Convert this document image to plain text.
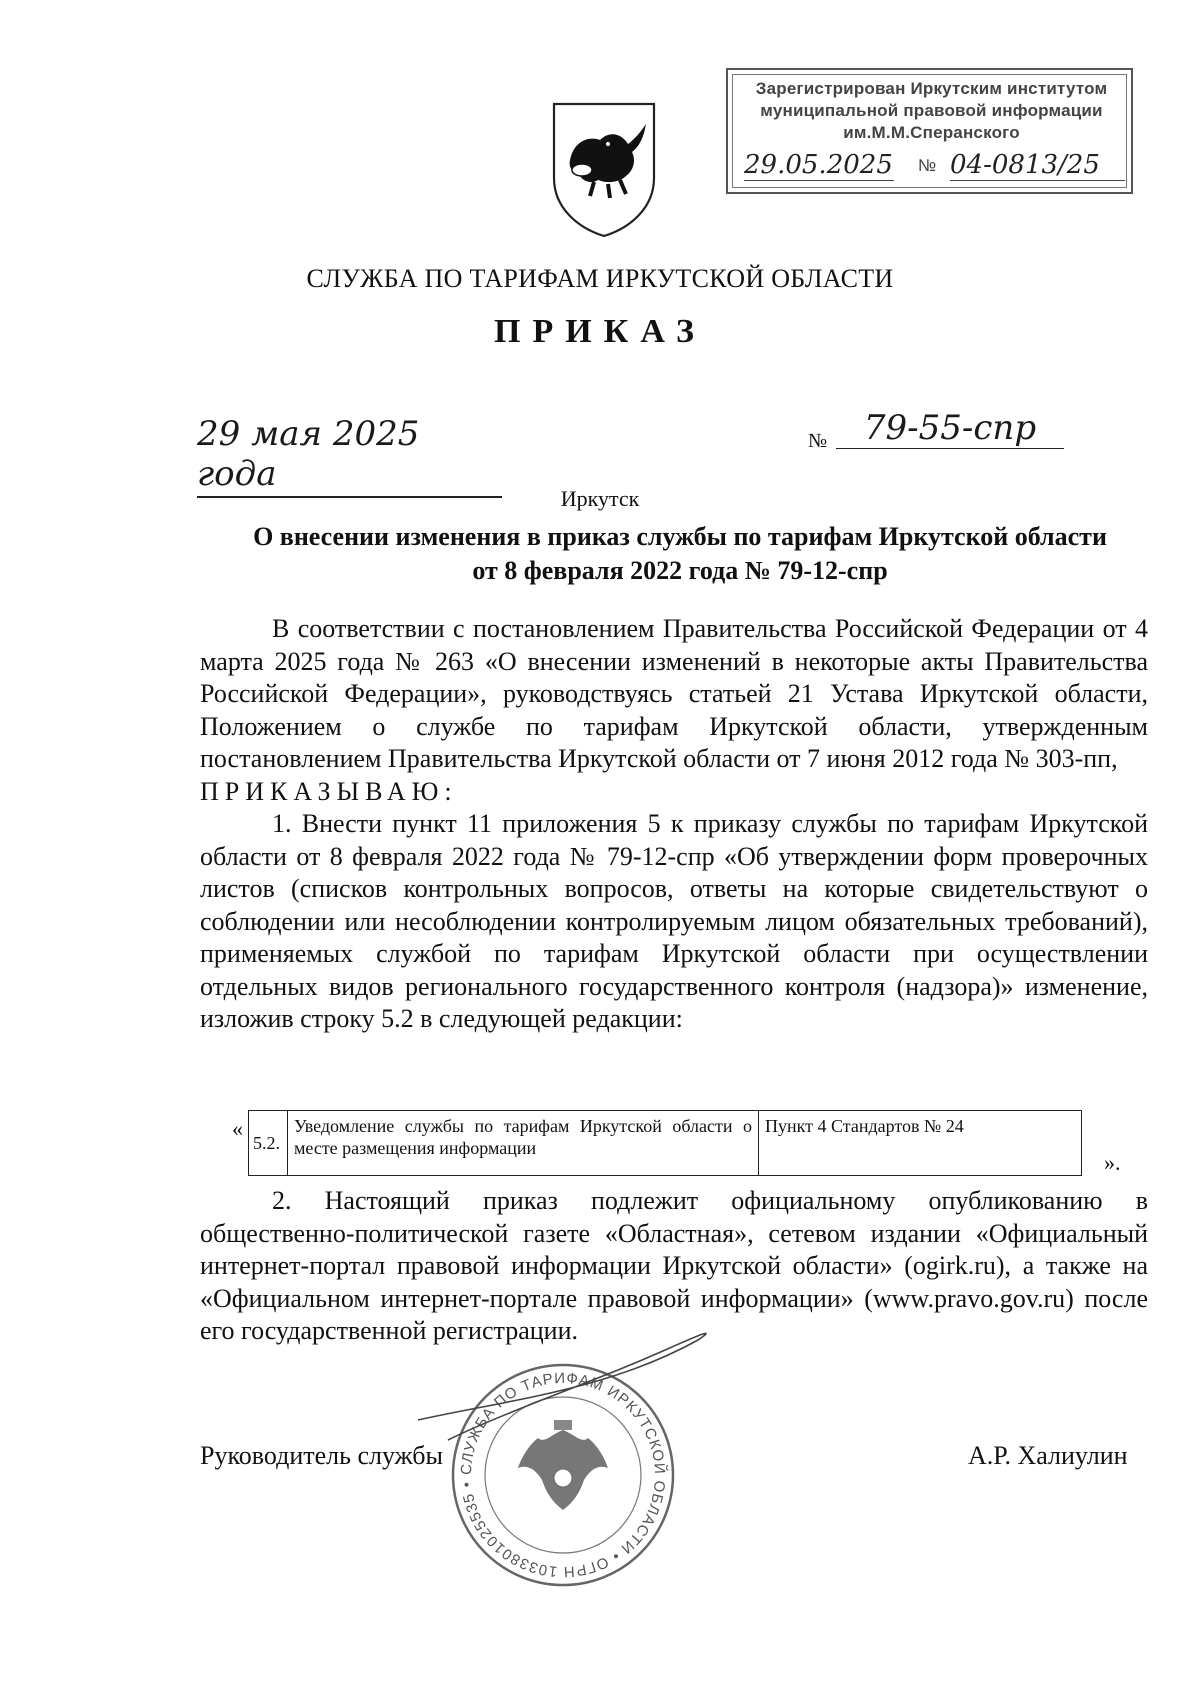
Зарегистрирован Иркутским институтом
муниципальной правовой информации
им.М.М.Сперанского
29.05.2025 № 04-0813/25
СЛУЖБА ПО ТАРИФАМ ИРКУТСКОЙ ОБЛАСТИ
ПРИКАЗ
29 мая 2025 года
№	79-55-спр
Иркутск
О внесении изменения в приказ службы по тарифам Иркутской области
от 8 февраля 2022 года № 79-12-спр

В соответствии с постановлением Правительства Российской Федерации от 4 марта 2025 года № 263 «О внесении изменений в некоторые акты Правительства Российской Федерации», руководствуясь статьей 21 Устава Иркутской области, Положением о службе по тарифам Иркутской области, утвержденным постановлением Правительства Иркутской области от 7 июня 2012 года № 303-пп,

ПРИКАЗЫВАЮ:

1. Внести пункт 11 приложения 5 к приказу службы по тарифам Иркутской области от 8 февраля 2022 года № 79-12-спр «Об утверждении форм проверочных листов (списков контрольных вопросов, ответы на которые свидетельствуют о соблюдении или несоблюдении контролируемым лицом обязательных требований), применяемых службой по тарифам Иркутской области при осуществлении отдельных видов регионального государственного контроля (надзора)» изменение, изложив строку 5.2 в следующей редакции:

«
5.2.	Уведомление службы по тарифам Иркутской области о месте размещения информации	Пункт 4 Стандартов № 24	
».

2. Настоящий приказ подлежит официальному опубликованию в общественно-политической газете «Областная», сетевом издании «Официальный интернет-портал правовой информации Иркутской области» (ogirk.ru), а также на «Официальном интернет-портале правовой информации» (www.pravo.gov.ru) после его государственной регистрации.

Руководитель службы	А.Р. Халиулин
СЛУЖБА ПО ТАРИФАМ ИРКУТСКОЙ ОБЛАСТИ • ОГРН 1033801025535 •
